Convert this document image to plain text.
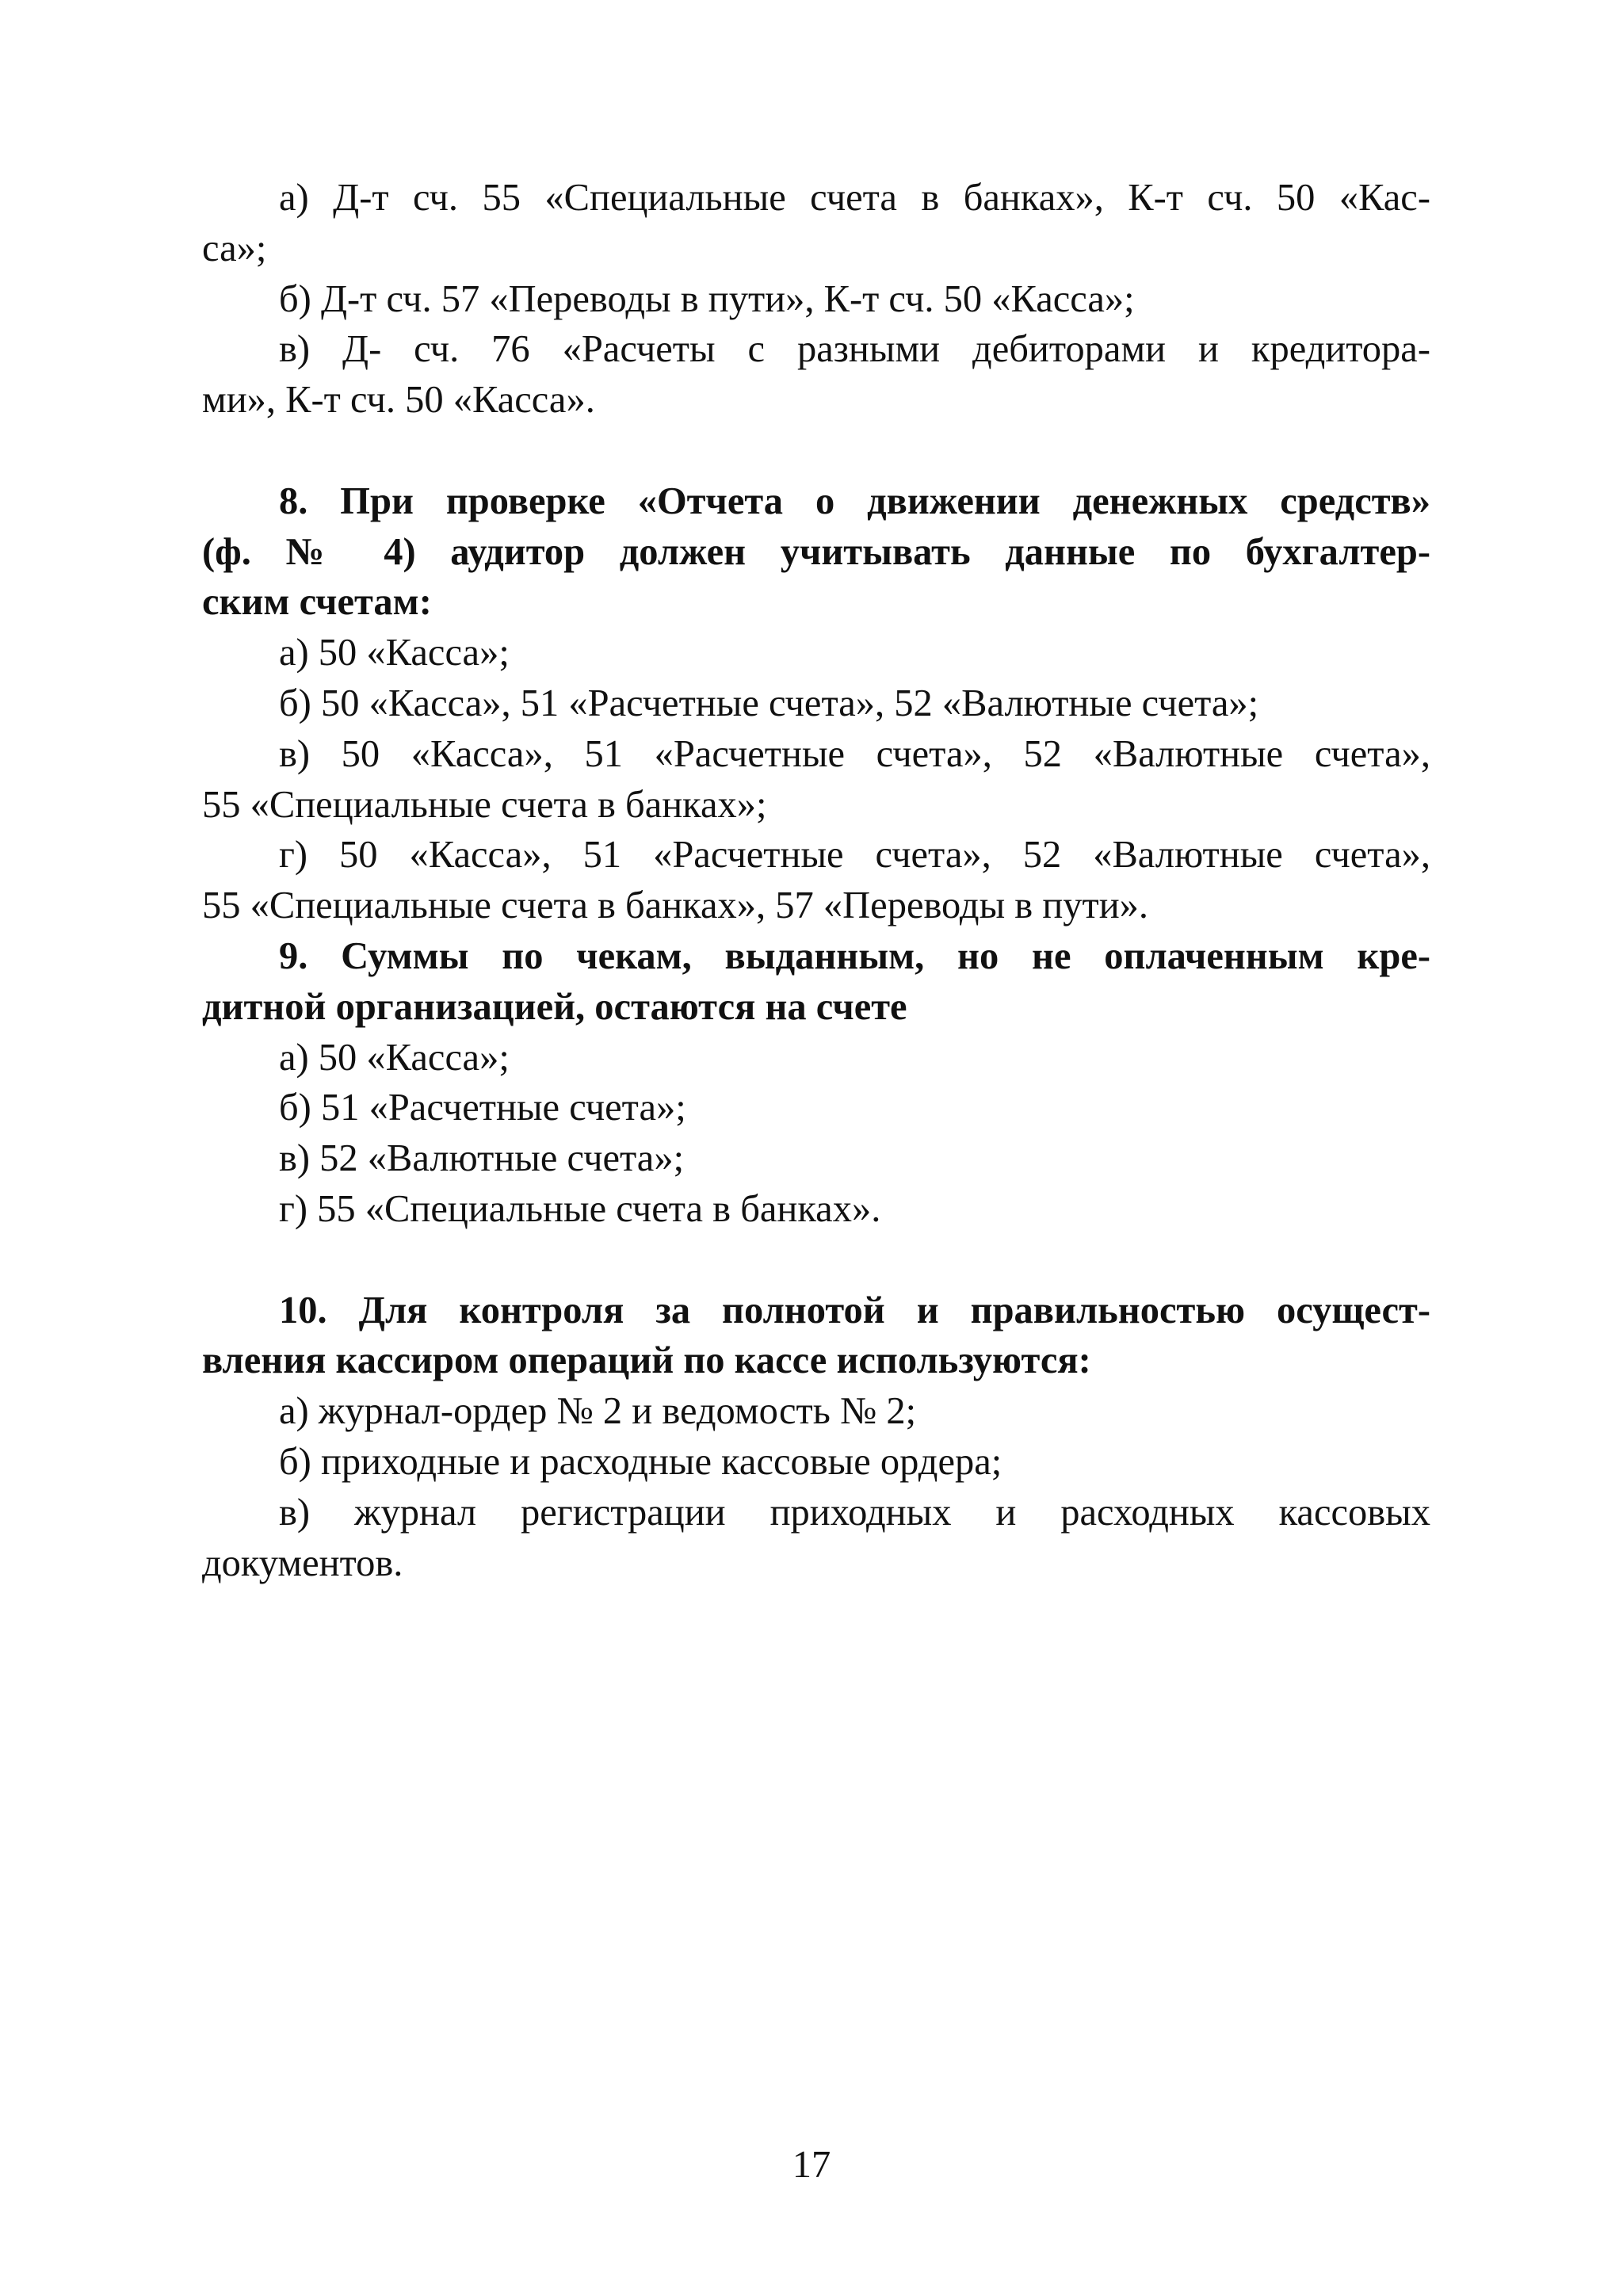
а) Д-т сч. 55 «Специальные счета в банках», К-т сч. 50 «Кас-
са»;
б) Д-т сч. 57 «Переводы в пути», К-т сч. 50 «Касса»;
в) Д- сч. 76 «Расчеты с разными дебиторами и кредитора-
ми», К-т сч. 50 «Касса».
8. При проверке «Отчета о движении денежных средств»
(ф. № 4) аудитор должен учитывать данные по бухгалтер-
ским счетам:
а) 50 «Касса»;
б) 50 «Касса», 51 «Расчетные счета», 52 «Валютные счета»;
в) 50 «Касса», 51 «Расчетные счета», 52 «Валютные счета»,
55 «Специальные счета в банках»;
г) 50 «Касса», 51 «Расчетные счета», 52 «Валютные счета»,
55 «Специальные счета в банках», 57 «Переводы в пути».
9. Суммы по чекам, выданным, но не оплаченным кре-
дитной организацией, остаются на счете
а) 50 «Касса»;
б) 51 «Расчетные счета»;
в) 52 «Валютные счета»;
г) 55 «Специальные счета в банках».
10. Для контроля за полнотой и правильностью осущест-
вления кассиром операций по кассе используются:
а) журнал-ордер № 2 и ведомость № 2;
б) приходные и расходные кассовые ордера;
в) журнал регистрации приходных и расходных кассовых
документов.
17
